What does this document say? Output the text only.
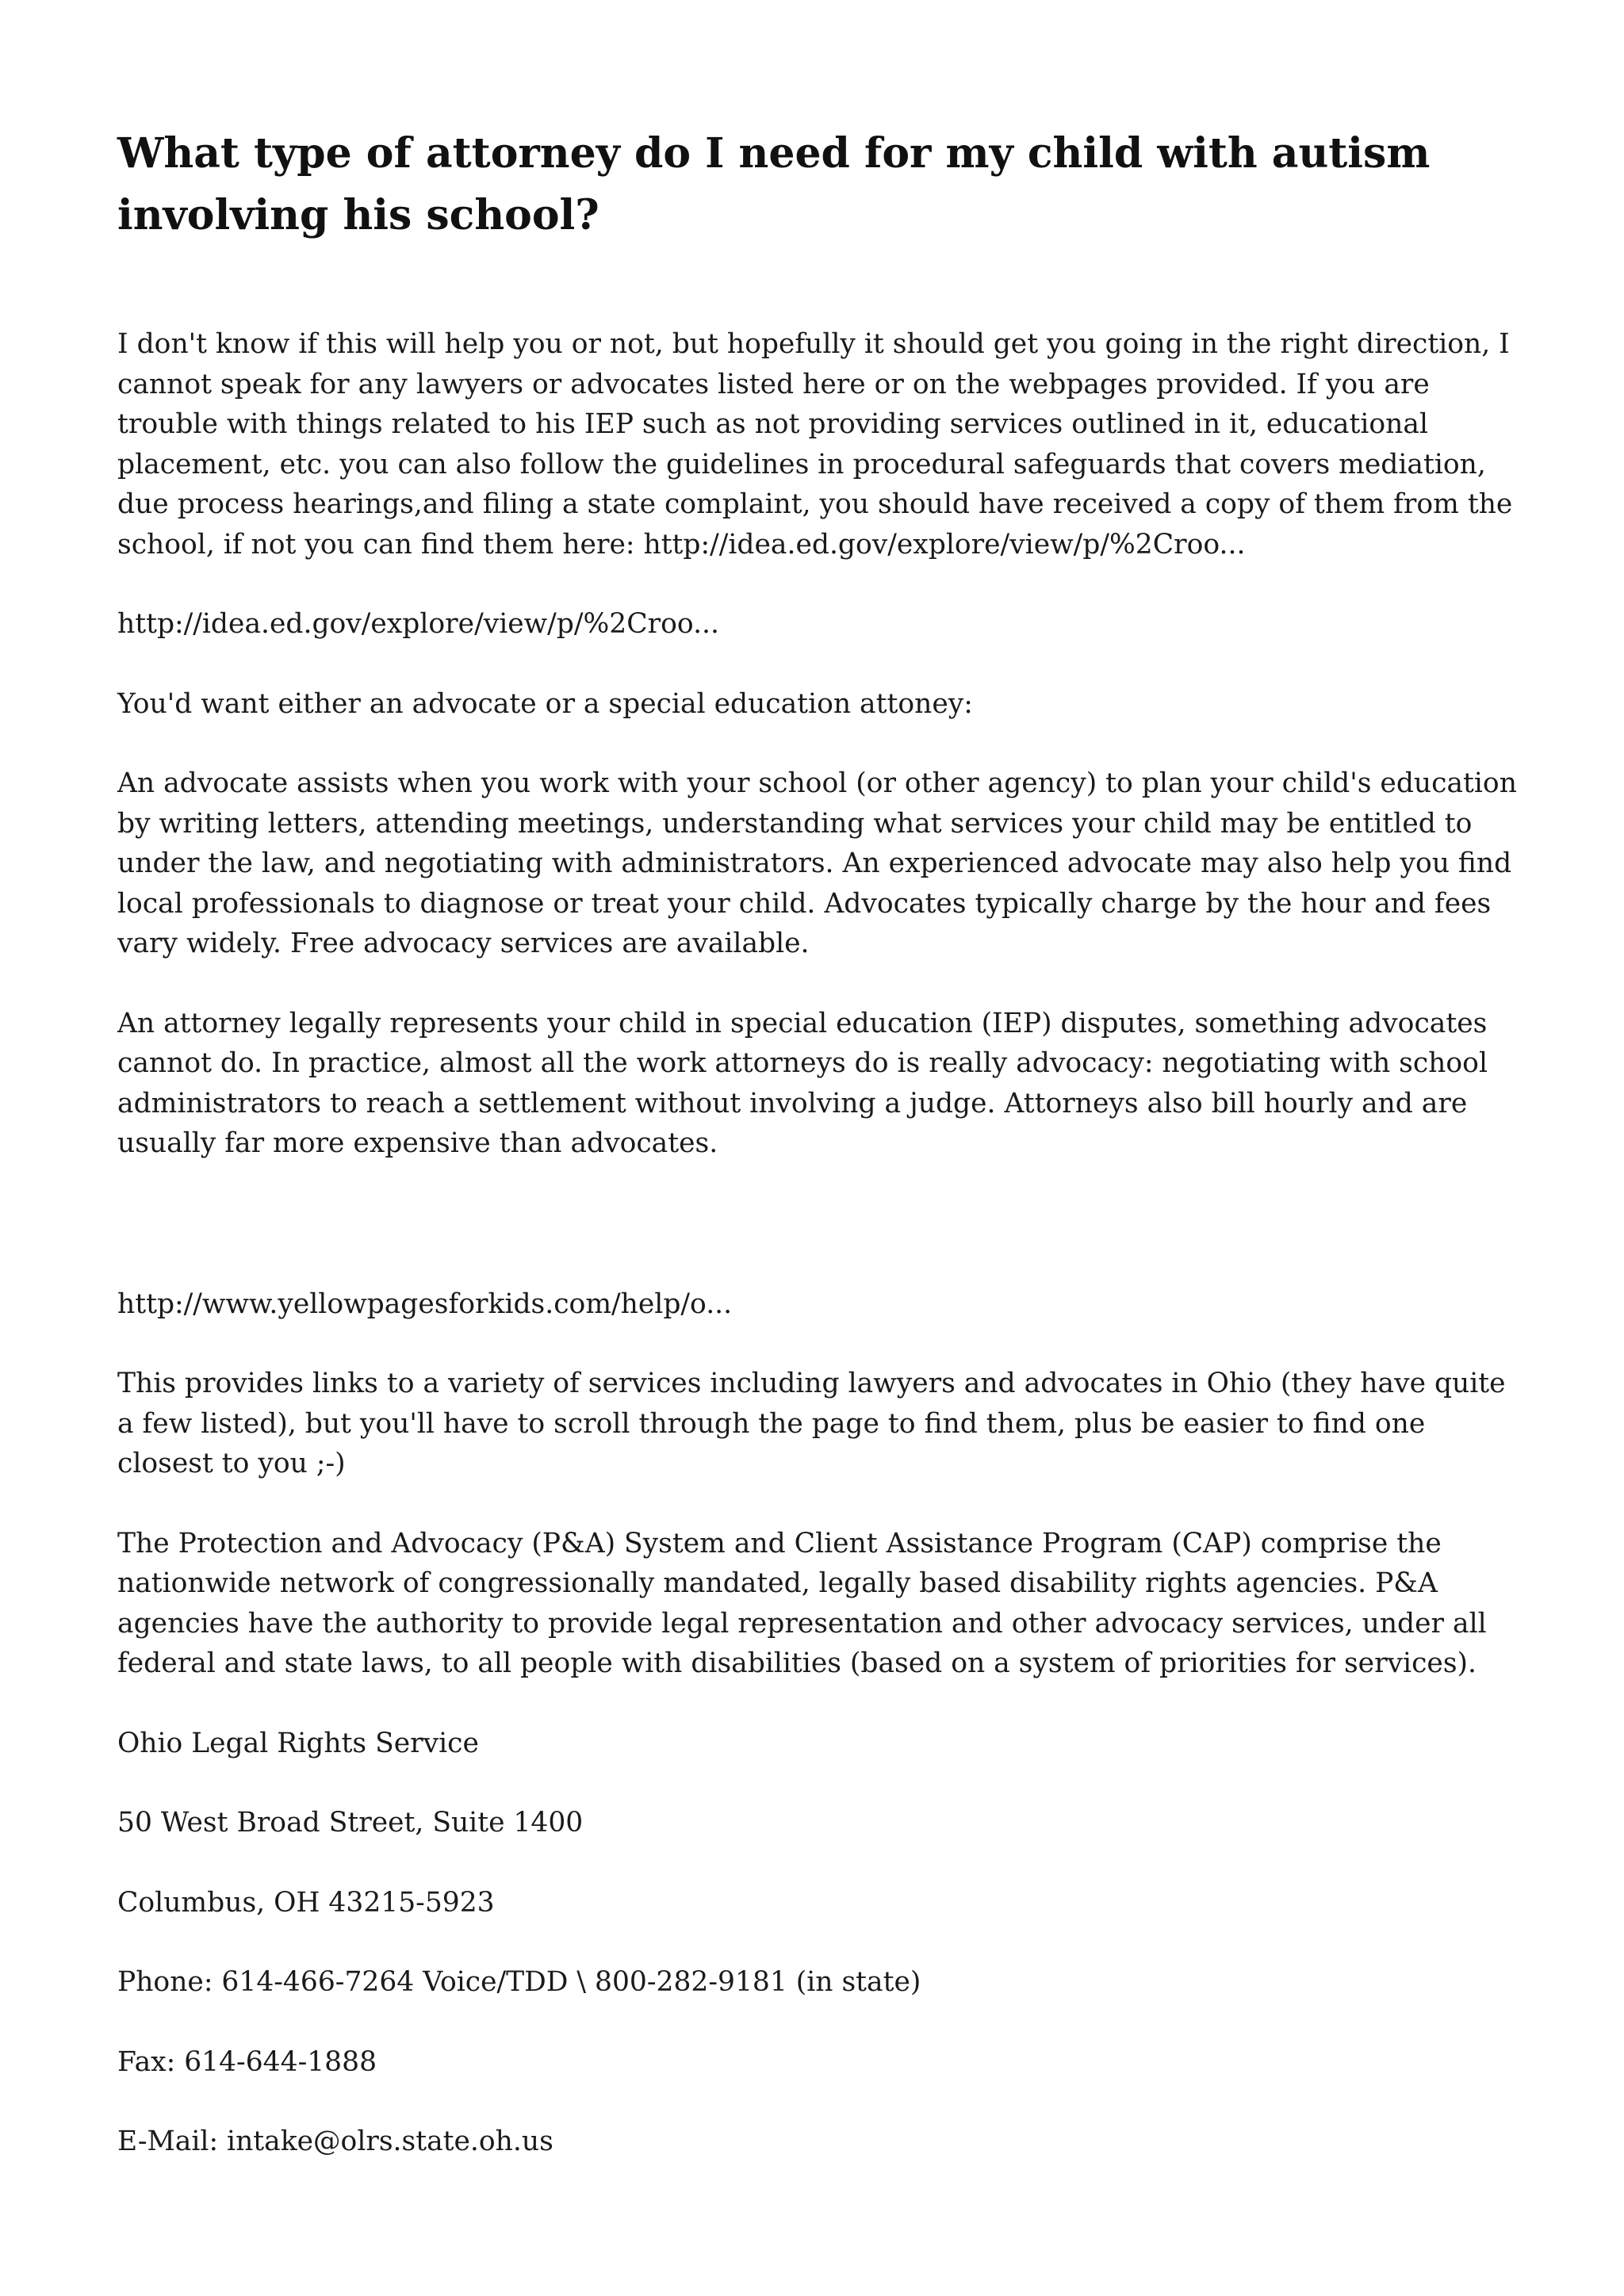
What type of attorney do I need for my child with autism involving his school?

I don't know if this will help you or not, but hopefully it should get you going in the right direction, I cannot speak for any lawyers or advocates listed here or on the webpages provided. If you are trouble with things related to his IEP such as not providing services outlined in it, educational placement, etc. you can also follow the guidelines in procedural safeguards that covers mediation, due process hearings,and filing a state complaint, you should have received a copy of them from the school, if not you can find them here: http://idea.ed.gov/explore/view/p/%2Croo...

http://idea.ed.gov/explore/view/p/%2Croo...

You'd want either an advocate or a special education attoney:

An advocate assists when you work with your school (or other agency) to plan your child's education by writing letters, attending meetings, understanding what services your child may be entitled to under the law, and negotiating with administrators. An experienced advocate may also help you find local professionals to diagnose or treat your child. Advocates typically charge by the hour and fees vary widely. Free advocacy services are available.

An attorney legally represents your child in special education (IEP) disputes, something advocates cannot do. In practice, almost all the work attorneys do is really advocacy: negotiating with school administrators to reach a settlement without involving a judge. Attorneys also bill hourly and are usually far more expensive than advocates.

http://www.yellowpagesforkids.com/help/o...

This provides links to a variety of services including lawyers and advocates in Ohio (they have quite a few listed), but you'll have to scroll through the page to find them, plus be easier to find one closest to you ;-)

The Protection and Advocacy (P&A) System and Client Assistance Program (CAP) comprise the nationwide network of congressionally mandated, legally based disability rights agencies. P&A agencies have the authority to provide legal representation and other advocacy services, under all federal and state laws, to all people with disabilities (based on a system of priorities for services).

Ohio Legal Rights Service

50 West Broad Street, Suite 1400

Columbus, OH 43215-5923

Phone: 614-466-7264 Voice/TDD \ 800-282-9181 (in state)

Fax: 614-644-1888

E-Mail: intake@olrs.state.oh.us
